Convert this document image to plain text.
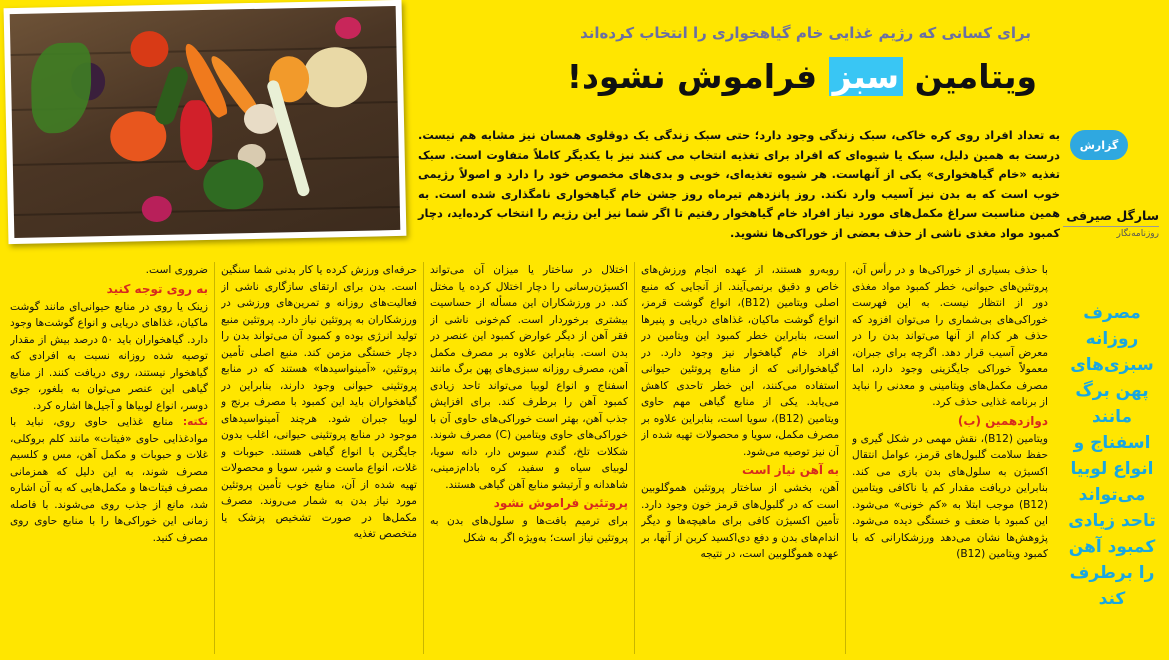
برای کسانی که رژیم غذایی خام گیاهخواری را انتخاب کرده‌اند
ویتامین سبز فراموش نشود!
گزارش
به تعداد افراد روی کره خاکی، سبک زندگی وجود دارد؛ حتی سبک زندگی یک دوقلوی همسان نیز مشابه هم نیست. درست به همین دلیل، سبک یا شیوه‌ای که افراد برای تغذیه انتخاب می کنند نیز با یکدیگر کاملاً متفاوت است. سبک تغذیه «خام گیاهخواری» یکی از آنهاست. هر شیوه تغذیه‌ای، خوبی و بدی‌های مخصوص خود را دارد و اصولاً رژیمی خوب است که به بدن نیز آسیب وارد نکند. روز پانزدهم تیرماه روز جشن خام گیاهخواری نامگذاری شده است. به همین مناسبت سراغ مکمل‌های مورد نیاز افراد خام گیاهخوار رفتیم تا اگر شما نیز این رژیم را انتخاب کرده‌اید، دچار کمبود مواد مغذی ناشی از حذف بعضی از خوراکی‌ها نشوید.
سارگل صیرفی
روزنامه‌نگار
مصرف روزانه سبزی‌های پهن برگ مانند اسفناج و انواع لوبیا می‌تواند تاحد زیادی کمبود آهن را برطرف کند

با حذف بسیاری از خوراکی‌ها و در رأس آن، پروتئین‌های حیوانی، خطر کمبود مواد مغذی دور از انتظار نیست. به این فهرست خوراکی‌های بی‌شماری را می‌توان افزود که حذف هر کدام از آنها می‌تواند بدن را در معرض آسیب قرار دهد. اگرچه برای جبران، معمولاً خوراکی جایگزینی وجود دارد، اما مصرف مکمل‌های ویتامینی و معدنی را نباید از برنامه غذایی حذف کرد.

دوازدهمین (ب)

ویتامین (B12)، نقش مهمی در شکل گیری و حفظ سلامت گلبول‌های قرمز، عوامل انتقال اکسیژن به سلول‌های بدن بازی می کند. بنابراین دریافت مقدار کم یا ناکافی ویتامین (B12) موجب ابتلا به «کم خونی» می‌شود. این کمبود با ضعف و خستگی دیده می‌شود. پژوهش‌ها نشان می‌دهد ورزشکارانی که با کمبود ویتامین (B12)

روبه‌رو هستند، از عهده انجام ورزش‌های خاص و دقیق برنمی‌آیند. از آنجایی که منبع اصلی ویتامین (B12)، انواع گوشت قرمز، انواع گوشت ماکیان، غذاهای دریایی و پنیرها است، بنابراین خطر کمبود این ویتامین در افراد خام گیاهخوار نیز وجود دارد. در گیاهخوارانی که از منابع پروتئین حیوانی استفاده می‌کنند، این خطر تاحدی کاهش می‌یابد. یکی از منابع گیاهی مهم حاوی ویتامین (B12)، سویا است، بنابراین علاوه بر مصرف مکمل، سویا و محصولات تهیه شده از آن نیز توصیه می‌شود.

به آهن نیاز است

آهن، بخشی از ساختار پروتئین هموگلوبین است که در گلبول‌های قرمز خون وجود دارد. تأمین اکسیژن کافی برای ماهیچه‌ها و دیگر اندام‌های بدن و دفع دی‌اکسید کربن از آنها، بر عهده هموگلوبین است، در نتیجه

اختلال در ساختار یا میزان آن می‌تواند اکسیژن‌رسانی را دچار اختلال کرده یا مختل کند. در ورزشکاران این مسأله از حساسیت بیشتری برخوردار است. کم‌خونی ناشی از فقر آهن از دیگر عوارض کمبود این عنصر در بدن است. بنابراین علاوه بر مصرف مکمل آهن، مصرف روزانه سبزی‌های پهن برگ مانند اسفناج و انواع لوبیا می‌تواند تاحد زیادی کمبود آهن را برطرف کند. برای افزایش جذب آهن، بهتر است خوراکی‌های حاوی آن با خوراکی‌های حاوی ویتامین (C) مصرف شوند. شکلات تلخ، گندم سبوس دار، دانه سویا، لوبیای سیاه و سفید، کره بادام‌زمینی، شاهدانه و آرتیشو منابع آهن گیاهی هستند.

پروتئین فراموش نشود

برای ترمیم بافت‌ها و سلول‌های بدن به پروتئین نیاز است؛ به‌ویژه اگر به شکل

حرفه‌ای ورزش کرده یا کار بدنی شما سنگین است. بدن برای ارتقای سازگاری ناشی از فعالیت‌های روزانه و تمرین‌های ورزشی در ورزشکاران به پروتئین نیاز دارد. پروتئین منبع تولید انرژی بوده و کمبود آن می‌تواند بدن را دچار خستگی مزمن کند. منبع اصلی تأمین پروتئین، «آمینواسیدها» هستند که در منابع پروتئینی حیوانی وجود دارند، بنابراین در گیاهخواران باید این کمبود با مصرف برنج و لوبیا جبران شود. هرچند آمینواسیدهای موجود در منابع پروتئینی حیوانی، اغلب بدون جایگزین با انواع گیاهی هستند. حبوبات و غلات، انواع ماست و شیر، سویا و محصولات تهیه شده از آن، منابع خوب تأمین پروتئین مورد نیاز بدن به شمار می‌روند. مصرف مکمل‌ها در صورت تشخیص پزشک یا متخصص تغذیه

ضروری است.

به روی توجه کنید

زینک یا روی در منابع حیوانی‌ای مانند گوشت ماکیان، غذاهای دریایی و انواع گوشت‌ها وجود دارد. گیاهخواران باید ۵۰ درصد بیش از مقدار توصیه شده روزانه نسبت به افرادی که گیاهخوار نیستند، روی دریافت کنند. از منابع گیاهی این عنصر می‌توان به بلغور، جوی دوسر، انواع لوبیاها و آجیل‌ها اشاره کرد.

نکته: منابع غذایی حاوی روی، نباید با موادغذایی حاوی «فیتات» مانند کلم بروکلی، غلات و حبوبات و مکمل آهن، مس و کلسیم مصرف شوند، به این دلیل که همزمانی مصرف فیتات‌ها و مکمل‌هایی که به آن اشاره شد، مانع از جذب روی می‌شوند. با فاصله زمانی این خوراکی‌ها را با منابع حاوی روی مصرف کنید.
